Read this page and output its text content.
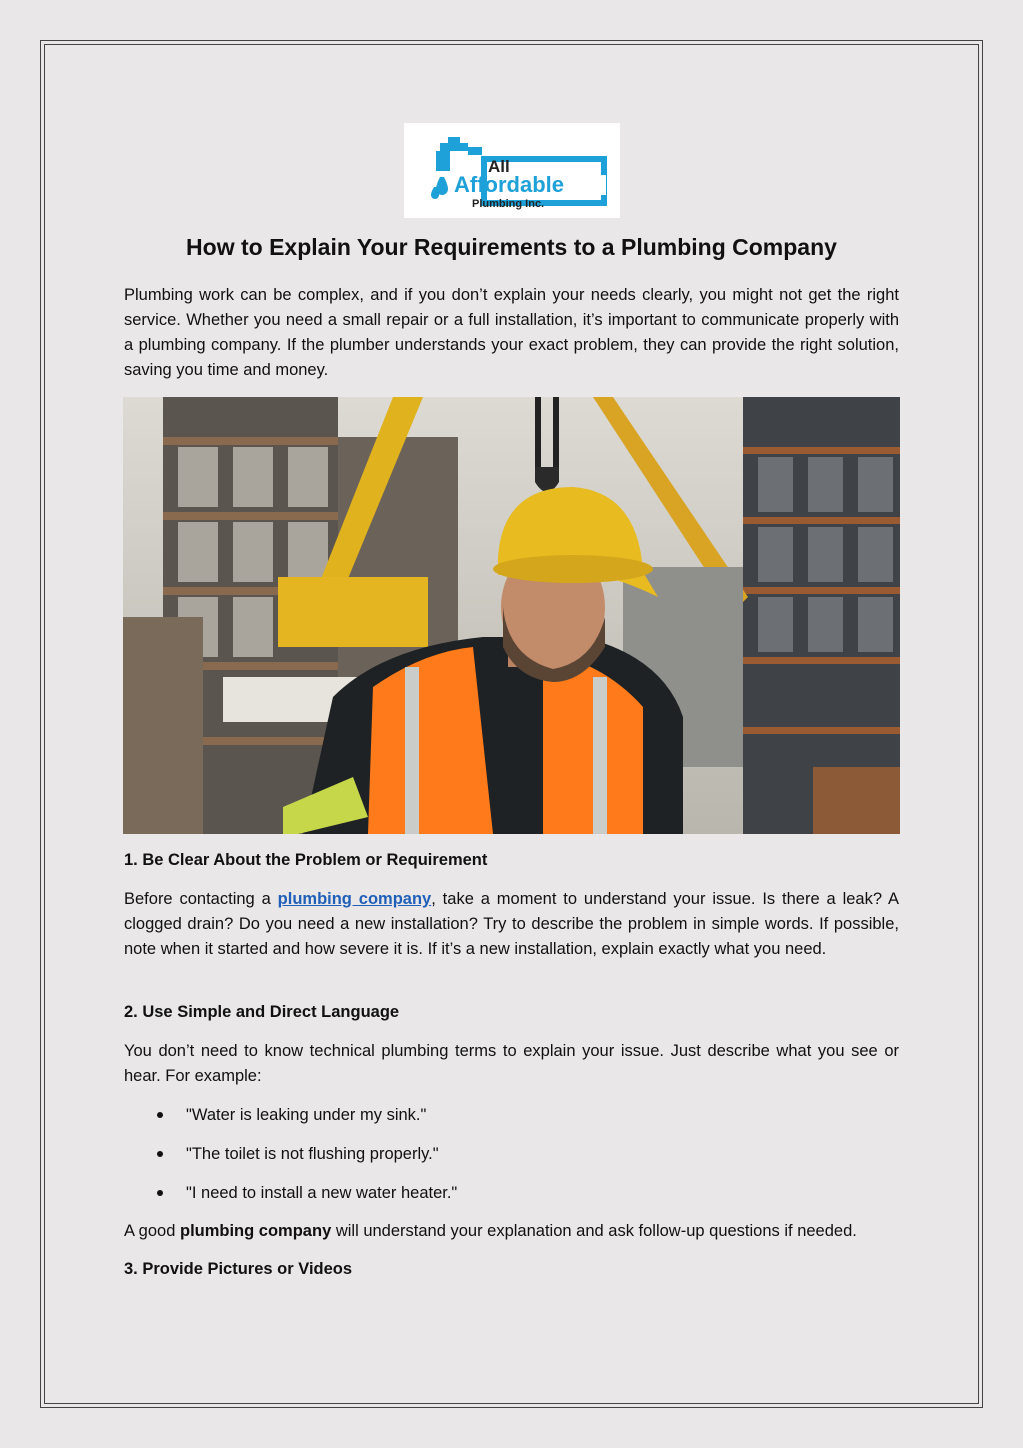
All
Affordable
Plumbing Inc.
How to Explain Your Requirements to a Plumbing Company

Plumbing work can be complex, and if you don’t explain your needs clearly, you might not get the right service. Whether you need a small repair or a full installation, it’s important to communicate properly with a plumbing company. If the plumber understands your exact problem, they can provide the right solution, saving you time and money.

1. Be Clear About the Problem or Requirement

Before contacting a plumbing company, take a moment to understand your issue. Is there a leak? A clogged drain? Do you need a new installation? Try to describe the problem in simple words. If possible, note when it started and how severe it is. If it’s a new installation, explain exactly what you need.

2. Use Simple and Direct Language

You don’t need to know technical plumbing terms to explain your issue. Just describe what you see or hear. For example:

"Water is leaking under my sink."
"The toilet is not flushing properly."
"I need to install a new water heater."

A good plumbing company will understand your explanation and ask follow-up questions if needed.

3. Provide Pictures or Videos
